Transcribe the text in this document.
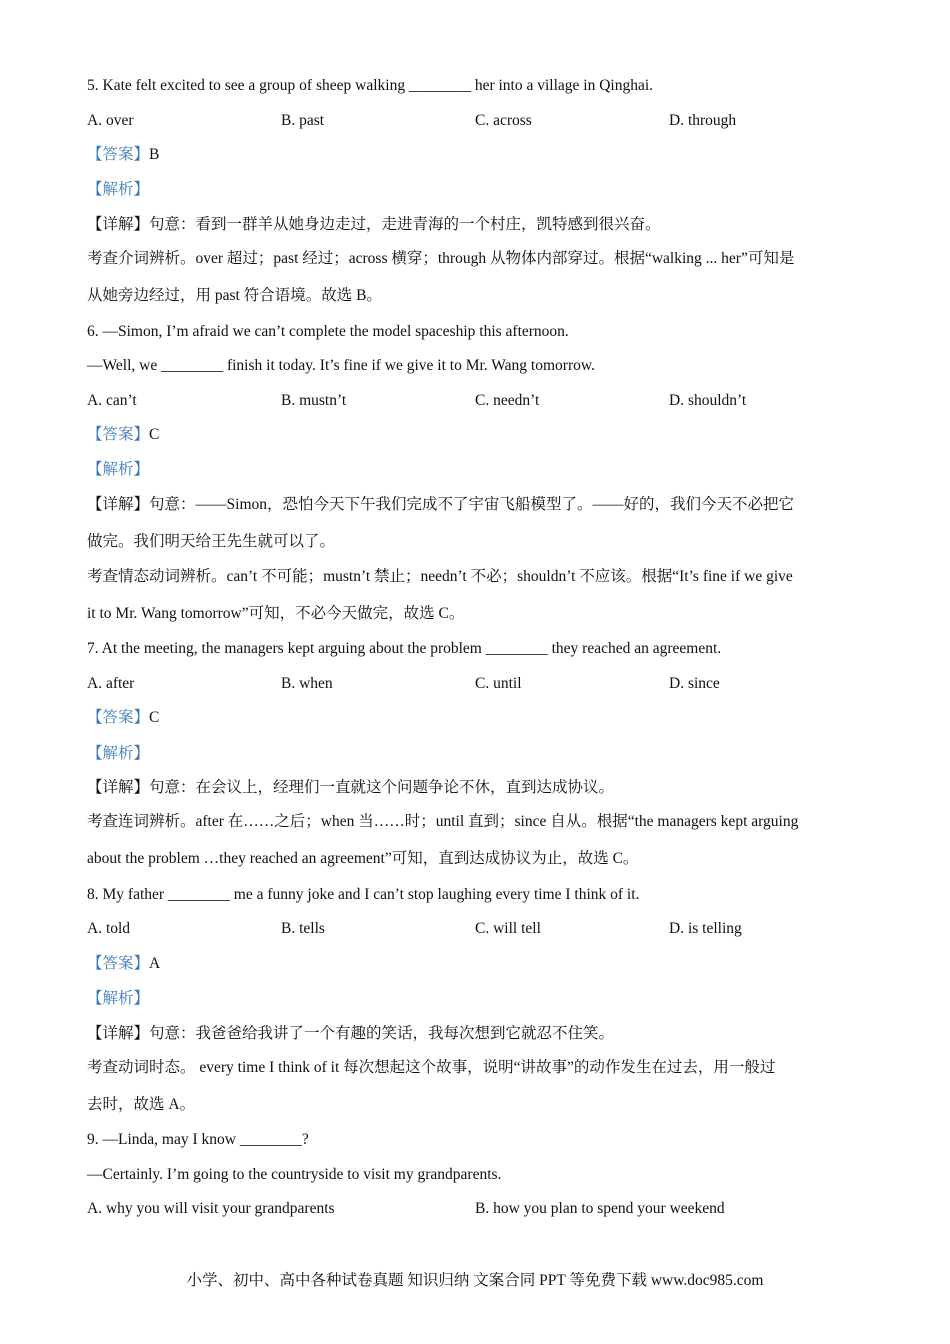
5. Kate felt excited to see a group of sheep walking ________ her into a village in Qinghai.
A. over	B. past	C. across	D. through
【答案】B
【解析】
【详解】句意：看到一群羊从她身边走过，走进青海的一个村庄，凯特感到很兴奋。
考查介词辨析。over 超过；past 经过；across 横穿；through 从物体内部穿过。根据“walking ... her”可知是
从她旁边经过，用 past 符合语境。故选 B。
6. —Simon, I’m afraid we can’t complete the model spaceship this afternoon.
—Well, we ________ finish it today. It’s fine if we give it to Mr. Wang tomorrow.
A. can’t	B. mustn’t	C. needn’t	D. shouldn’t
【答案】C
【解析】
【详解】句意：——Simon，恐怕今天下午我们完成不了宇宙飞船模型了。——好的，我们今天不必把它
做完。我们明天给王先生就可以了。
考查情态动词辨析。can’t 不可能；mustn’t 禁止；needn’t 不必；shouldn’t 不应该。根据“It’s fine if we give
it to Mr. Wang tomorrow”可知，不必今天做完，故选 C。
7. At the meeting, the managers kept arguing about the problem ________ they reached an agreement.
A. after	B. when	C. until	D. since
【答案】C
【解析】
【详解】句意：在会议上，经理们一直就这个问题争论不休，直到达成协议。
考查连词辨析。after 在……之后；when 当……时；until 直到；since 自从。根据“the managers kept arguing
about the problem …they reached an agreement”可知，直到达成协议为止，故选 C。
8. My father ________ me a funny joke and I can’t stop laughing every time I think of it.
A. told	B. tells	C. will tell	D. is telling
【答案】A
【解析】
【详解】句意：我爸爸给我讲了一个有趣的笑话，我每次想到它就忍不住笑。
考查动词时态。 every time I think of it 每次想起这个故事，说明“讲故事”的动作发生在过去，用一般过
去时，故选 A。
9. —Linda, may I know ________?
—Certainly. I’m going to the countryside to visit my grandparents.
A. why you will visit your grandparents	B. how you plan to spend your weekend
小学、初中、高中各种试卷真题 知识归纳 文案合同 PPT 等免费下载 www.doc985.com
